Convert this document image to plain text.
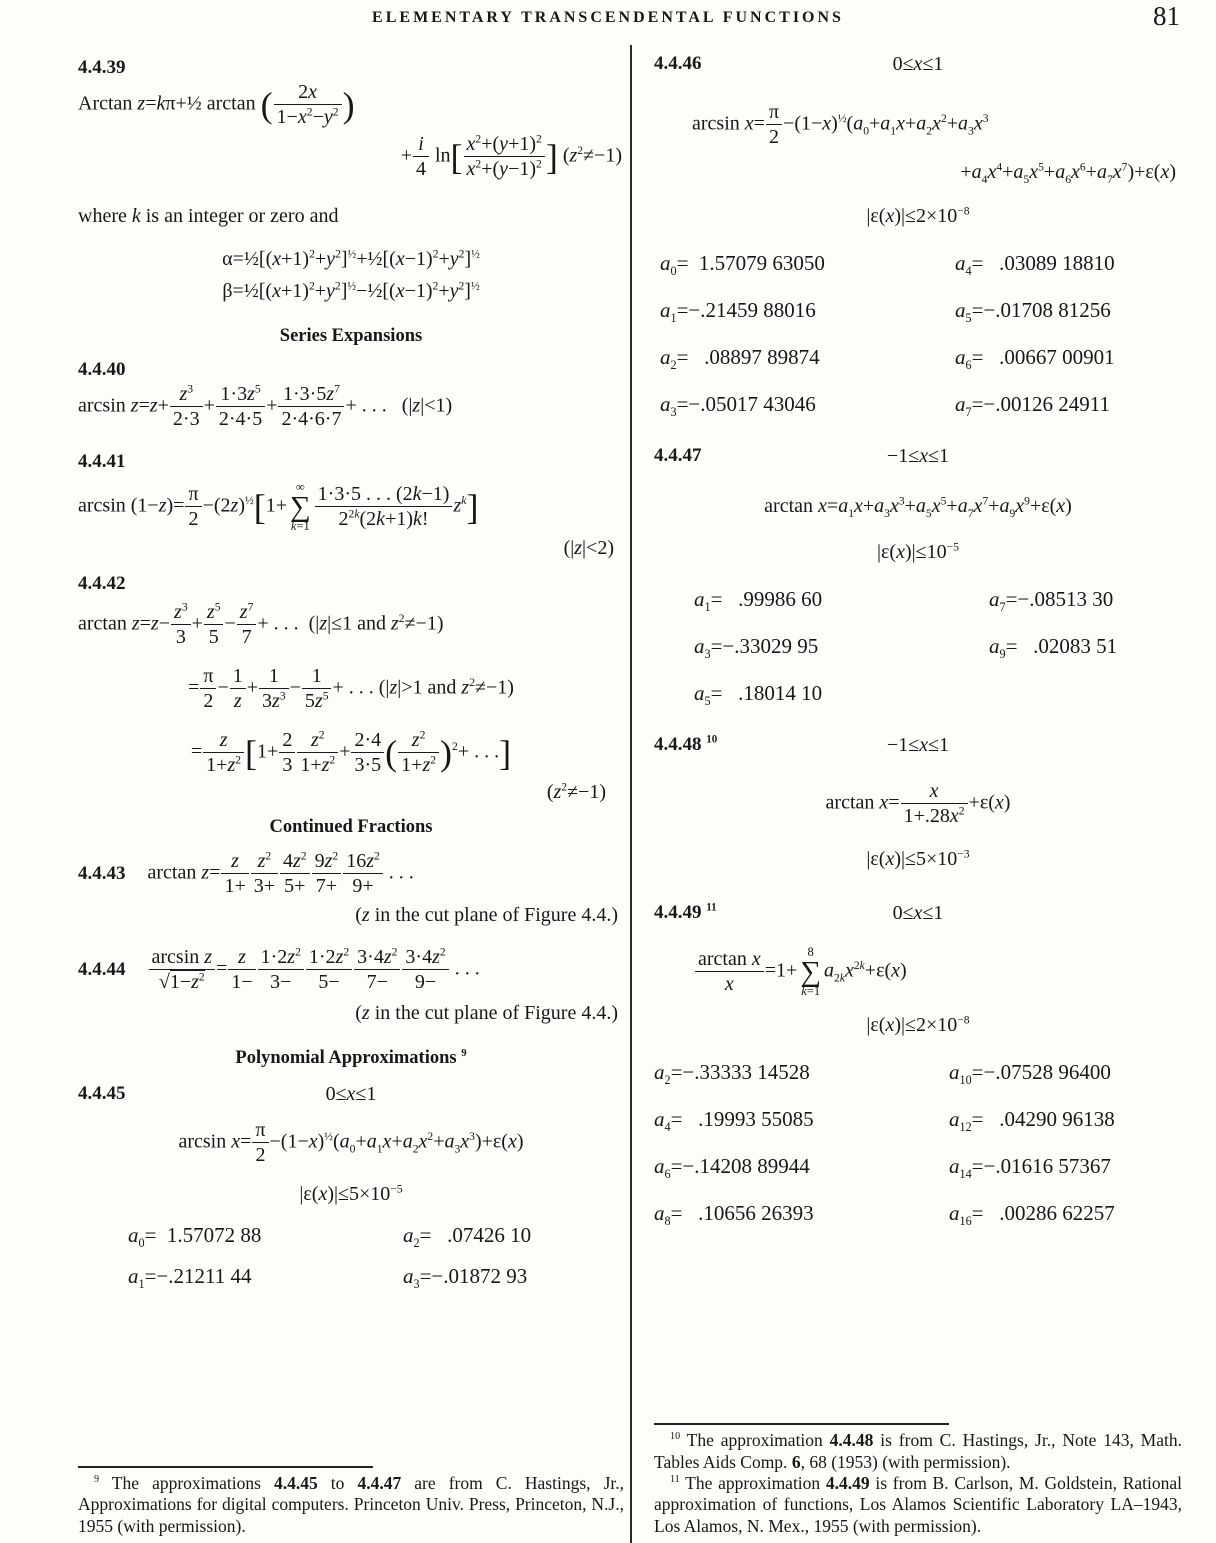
ELEMENTARY TRANSCENDENTAL FUNCTIONS	81
4.4.39
Arctan z=kπ+½ arctan ( $\frac{2x}{1-x^2-y^2}$ )
+ $\frac{i}{4} \ln[ \frac{x^2+(y+1)^2}{x^2+(y-1)^2}$ ] $(z^2\ne-1)$
where k is an integer or zero and
$\alpha=\frac{1}{2}[(x+1)^2+y^2]^{\frac{1}{2}}+\frac{1}{2}[(x-1)^2+y^2]^{\frac{1}{2}}$
$\beta=\frac{1}{2}[(x+1)^2+y^2]^{\frac{1}{2}}-\frac{1}{2}[(x-1)^2+y^2]^{\frac{1}{2}}$
Series Expansions
4.4.40
$\arcsin z=z+ \frac{z^3}{2\cdot 3} + \frac{1\cdot 3z^5}{2\cdot 4\cdot 5} + \frac{1\cdot 3\cdot 5z^7}{2\cdot 4\cdot 6\cdot 7}$ + . . .   (|z|<1)
4.4.41
$\arcsin (1-z)= \frac{\pi}{2} -(2z)^{\frac{1}{2}}[1+$
∞
∑
$k=1 \frac{1\cdot 3\cdot 5 . . . (2k-1)}{2^{2k}(2k+1)k!} z^k$]
(|z|<2)
4.4.42
$\arctan z=z- \frac{z^3}{3} + \frac{z^5}{5} - \frac{z^7}{7}$ + . . .  (|z|≤1 and $z^2\ne-1$)
= $\frac{\pi}{2} - \frac{1}{z} + \frac{1}{3z^3} - \frac{1}{5z^5}$ + . . . (|z|>1 and $z^2\ne-1$)
= $\frac{z}{1+z^2} [1+ \frac{2}{3} \frac{z^2}{1+z^2} + \frac{2\cdot 4}{3\cdot 5}$ ( $\frac{z^2}{1+z^2} )^2+$ . . .]
$(z^2\ne-1)$
Continued Fractions
4.4.43 $\arctan z= \frac{z}{1+} \frac{z^2}{3+} \frac{4z^2}{5+} \frac{9z^2}{7+} \frac{16z^2}{9+}$ . . .
(z in the cut plane of Figure 4.4.)
$4.4.44 \frac{\text{arcsin z}}{√1-z^2} = \frac{z}{1-} \frac{1\cdot 2z^2}{3-} \frac{1\cdot 2z^2}{5-} \frac{3\cdot 4z^2}{7-} \frac{3\cdot 4z^2}{9-}$ . . .
(z in the cut plane of Figure 4.4.)
Polynomial Approximations $^9$
4.4.45	0≤x≤1
$\arcsin x= \frac{\pi}{2} -(1-x)^{\frac{1}{2}}(a_0+a_1x+a_2x^2+a_3x^3)+\varepsilon(x)$
$|\varepsilon(x)|\le 5\times 10^{-5}$
$a_0= 1.57072$ 88	$a_2= .07426$ 10
$a_1=-.21211$ 44	$a_3=-.01872$ 93

$^9$ The approximations 4.4.45 to 4.4.47 are from C. Hastings, Jr., Approximations for digital computers. Princeton Univ. Press, Princeton, N.J., 1955 (with permission).

4.4.46	0≤x≤1
$\arcsin x= \frac{\pi}{2} -(1-x)^{\frac{1}{2}}(a_0+a_1x+a_2x^2+a_3x^3$
$+a_4x^4+a_5x^5+a_6x^6+a_7x^7)+\varepsilon(x)$
$|\varepsilon(x)|\le 2\times 10^{-8}$
$a_0= 1.57079$ 63050	$a_4= .03089$ 18810
$a_1=-.21459$ 88016	$a_5=-.01708$ 81256
$a_2= .08897$ 89874	$a_6= .00667$ 00901
$a_3=-.05017$ 43046	$a_7=-.00126$ 24911
4.4.47	−1≤x≤1
$\arctan x=a_1x+a_3x^3+a_5x^5+a_7x^7+a_9x^9+\varepsilon(x)$
$|\varepsilon(x)|\le 10^{-5}$
$a_1= .99986$ 60	$a_7=-.08513$ 30
$a_3=-.33029$ 95	$a_9= .02083$ 51
$a_5= .18014$ 10
4.4.48 $^{10}$	−1≤x≤1
$\arctan x= \frac{x}{1+.28x^2} +\varepsilon(x)$
$|\varepsilon(x)|\le 5\times 10^{-3}$
4.4.49 $^{11}$	0≤x≤1
$\frac{\text{arctan x}}{x} =1+$
8
∑
k=1
$a_{2k}x^{2k}+\varepsilon(x)$
$|\varepsilon(x)|\le 2\times 10^{-8}$
$a_2=-.33333$ 14528	$a_{10}=-.07528$ 96400
$a_4= .19993$ 55085	$a_{12}= .04290$ 96138
$a_6=-.14208$ 89944	$a_{14}=-.01616$ 57367
$a_8= .10656$ 26393	$a_{16}= .00286$ 62257

$^{10}$ The approximation 4.4.48 is from C. Hastings, Jr., Note 143, Math. Tables Aids Comp. 6, 68 (1953) (with permission).

$^{11}$ The approximation 4.4.49 is from B. Carlson, M. Goldstein, Rational approximation of functions, Los Alamos Scientific Laboratory LA–1943, Los Alamos, N. Mex., 1955 (with permission).
